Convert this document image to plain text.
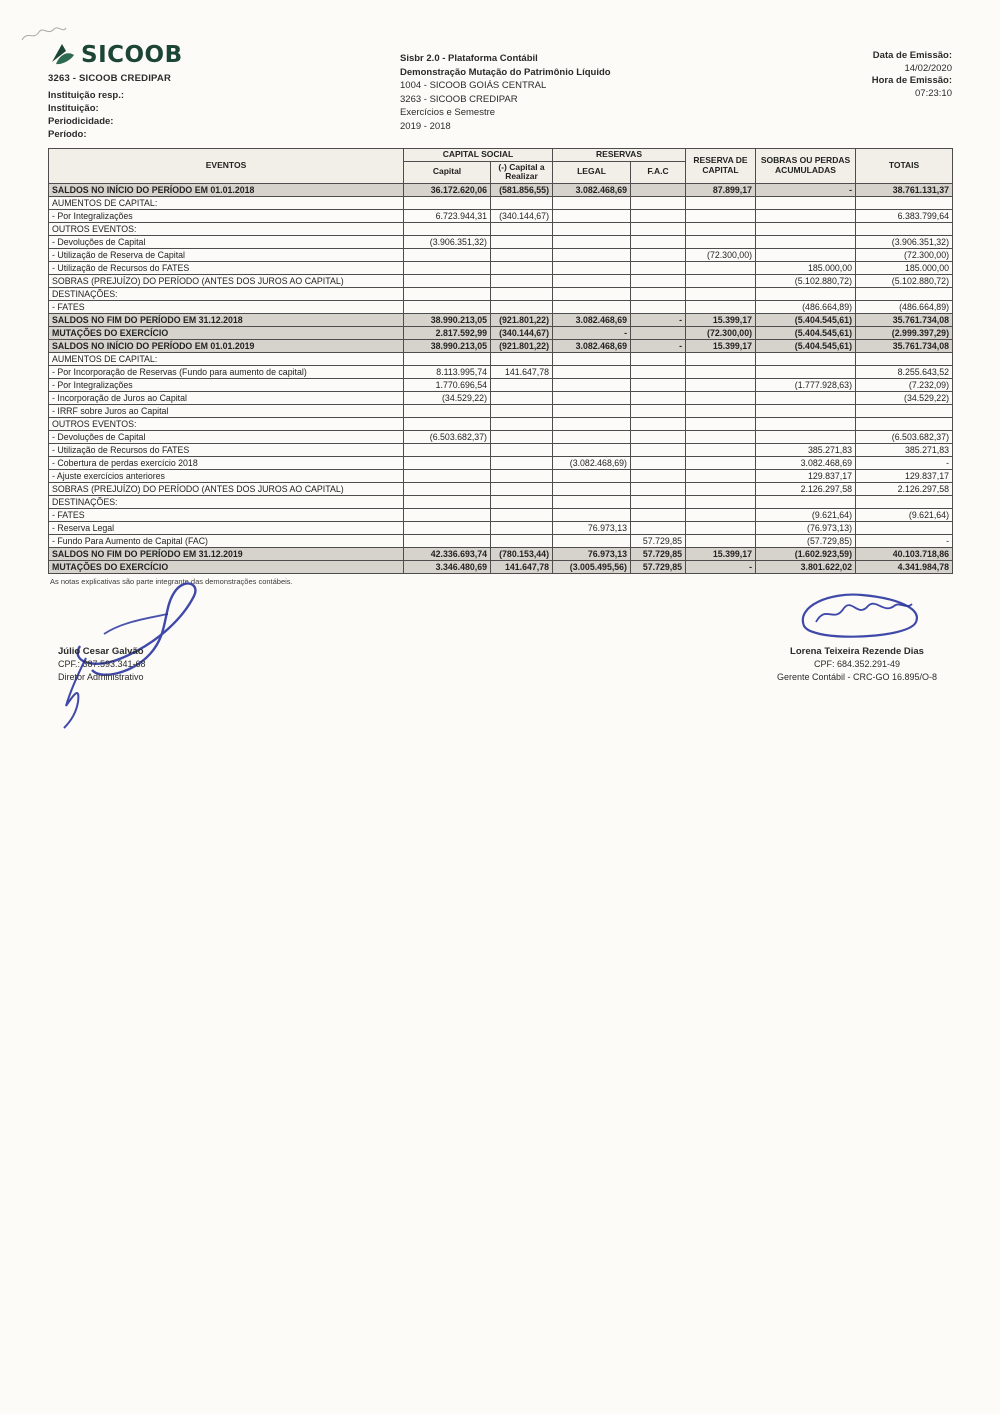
SICOOB
3263 - SICOOB CREDIPAR
Instituição resp.:
Instituição:
Periodicidade:
Período:
Sisbr 2.0 - Plataforma Contábil
Demonstração Mutação do Patrimônio Líquido
1004 - SICOOB GOIÁS CENTRAL
3263 - SICOOB CREDIPAR
Exercícios e Semestre
2019 - 2018
Data de Emissão:
14/02/2020
Hora de Emissão:
07:23:10
EVENTOS	CAPITAL SOCIAL		RESERVAS		RESERVA DE CAPITAL	SOBRAS OU PERDAS ACUMULADAS	TOTAIS
	Capital	(-) Capital a Realizar	LEGAL	F.A.C			
SALDOS NO INÍCIO DO PERÍODO EM 01.01.2018	36.172.620,06	(581.856,55)	3.082.468,69		87.899,17	-	38.761.131,37
AUMENTOS DE CAPITAL:							
- Por Integralizações	6.723.944,31	(340.144,67)					6.383.799,64
OUTROS EVENTOS:							
- Devoluções de Capital	(3.906.351,32)						(3.906.351,32)
- Utilização de Reserva de Capital					(72.300,00)		(72.300,00)
- Utilização de Recursos do FATES						185.000,00	185.000,00
SOBRAS (PREJUÍZO) DO PERÍODO (ANTES DOS JUROS AO CAPITAL)						(5.102.880,72)	(5.102.880,72)
DESTINAÇÕES:							
- FATES						(486.664,89)	(486.664,89)
SALDOS NO FIM DO PERÍODO EM 31.12.2018	38.990.213,05	(921.801,22)	3.082.468,69	-	15.399,17	(5.404.545,61)	35.761.734,08
MUTAÇÕES DO EXERCÍCIO	2.817.592,99	(340.144,67)	-		(72.300,00)	(5.404.545,61)	(2.999.397,29)
SALDOS NO INÍCIO DO PERÍODO EM 01.01.2019	38.990.213,05	(921.801,22)	3.082.468,69	-	15.399,17	(5.404.545,61)	35.761.734,08
AUMENTOS DE CAPITAL:							
- Por Incorporação de Reservas (Fundo para aumento de capital)	8.113.995,74	141.647,78					8.255.643,52
- Por Integralizações	1.770.696,54					(1.777.928,63)	(7.232,09)
- Incorporação de Juros ao Capital	(34.529,22)						(34.529,22)
- IRRF sobre Juros ao Capital							
OUTROS EVENTOS:							
- Devoluções de Capital	(6.503.682,37)						(6.503.682,37)
- Utilização de Recursos do FATES						385.271,83	385.271,83
- Cobertura de perdas exercício 2018			(3.082.468,69)			3.082.468,69	-
- Ajuste exercícios anteriores						129.837,17	129.837,17
SOBRAS (PREJUÍZO) DO PERÍODO (ANTES DOS JUROS AO CAPITAL)						2.126.297,58	2.126.297,58
DESTINAÇÕES:							
- FATES						(9.621,64)	(9.621,64)
- Reserva Legal			76.973,13			(76.973,13)	
- Fundo Para Aumento de Capital (FAC)				57.729,85		(57.729,85)	-
SALDOS NO FIM DO PERÍODO EM 31.12.2019	42.336.693,74	(780.153,44)	76.973,13	57.729,85	15.399,17	(1.602.923,59)	40.103.718,86
MUTAÇÕES DO EXERCÍCIO	3.346.480,69	141.647,78	(3.005.495,56)	57.729,85	-	3.801.622,02	4.341.984,78
As notas explicativas são parte integrante das demonstrações contábeis.
Júlio Cesar Galvão
CPF.: 387.593.341-68
Diretor Administrativo
Lorena Teixeira Rezende Dias
CPF: 684.352.291-49
Gerente Contábil - CRC-GO 16.895/O-8
